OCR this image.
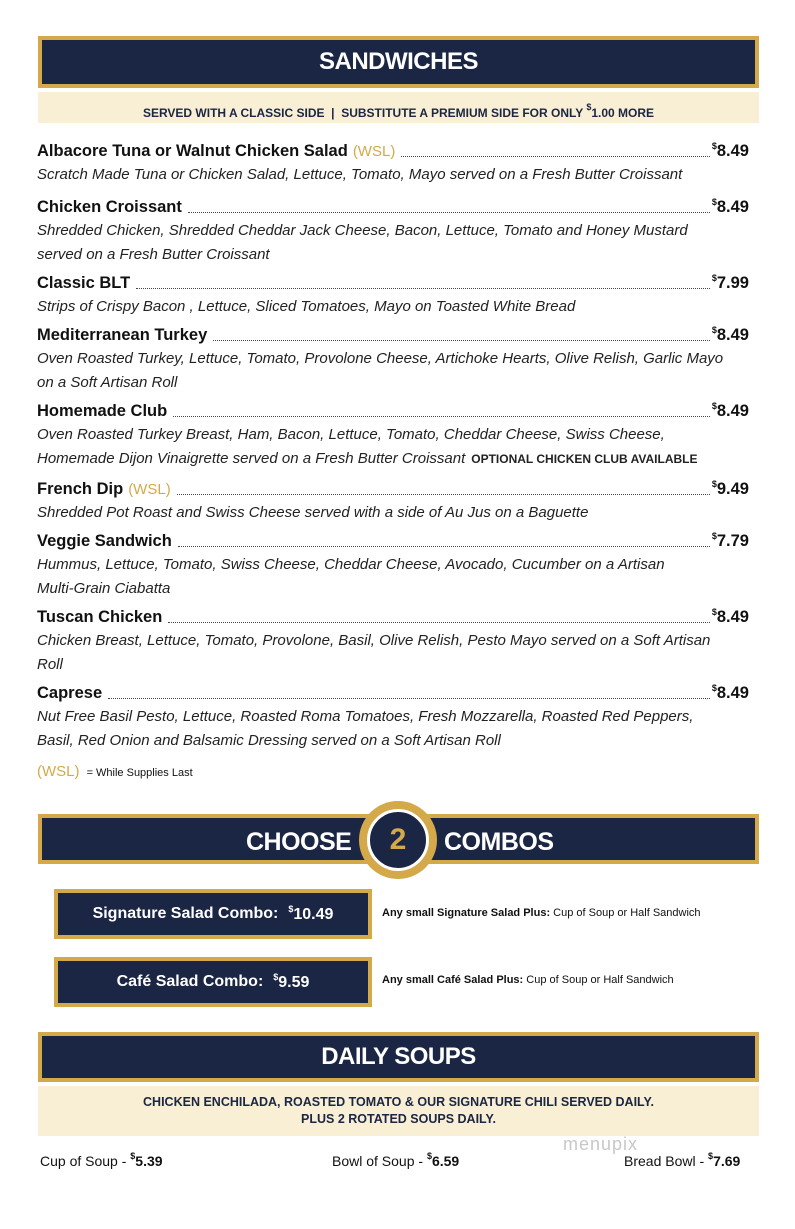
SANDWICHES
SERVED WITH A CLASSIC SIDE  |  SUBSTITUTE A PREMIUM SIDE FOR ONLY $1.00 MORE
Albacore Tuna or Walnut Chicken Salad (WSL)	$8.49
Scratch Made Tuna or Chicken Salad, Lettuce, Tomato, Mayo served on a Fresh Butter Croissant
Chicken Croissant	$8.49
Shredded Chicken, Shredded Cheddar Jack Cheese, Bacon, Lettuce, Tomato and Honey Mustard
served on a Fresh Butter Croissant
Classic BLT	$7.99
Strips of Crispy Bacon , Lettuce, Sliced Tomatoes, Mayo on Toasted White Bread
Mediterranean Turkey	$8.49
Oven Roasted Turkey, Lettuce, Tomato, Provolone Cheese, Artichoke Hearts, Olive Relish, Garlic Mayo
on a Soft Artisan Roll
Homemade Club	$8.49
Oven Roasted Turkey Breast, Ham, Bacon, Lettuce, Tomato, Cheddar Cheese, Swiss Cheese,
Homemade Dijon Vinaigrette served on a Fresh Butter Croissant OPTIONAL CHICKEN CLUB AVAILABLE
French Dip (WSL)	$9.49
Shredded Pot Roast and Swiss Cheese served with a side of Au Jus on a Baguette
Veggie Sandwich	$7.79
Hummus, Lettuce, Tomato, Swiss Cheese, Cheddar Cheese, Avocado, Cucumber on a Artisan
Multi-Grain Ciabatta
Tuscan Chicken	$8.49
Chicken Breast, Lettuce, Tomato, Provolone, Basil, Olive Relish, Pesto Mayo served on a Soft Artisan
Roll
Caprese	$8.49
Nut Free Basil Pesto, Lettuce, Roasted Roma Tomatoes, Fresh Mozzarella, Roasted Red Peppers,
Basil, Red Onion and Balsamic Dressing served on a Soft Artisan Roll
(WSL) = While Supplies Last
CHOOSE	COMBOS
2
Signature Salad Combo: $10.49	Any small Signature Salad Plus: Cup of Soup or Half Sandwich
Café Salad Combo: $9.59	Any small Café Salad Plus: Cup of Soup or Half Sandwich
DAILY SOUPS
CHICKEN ENCHILADA, ROASTED TOMATO & OUR SIGNATURE CHILI SERVED DAILY.
PLUS 2 ROTATED SOUPS DAILY.
Cup of Soup - $5.39	Bowl of Soup - $6.59	Bread Bowl - $7.69
menupix
